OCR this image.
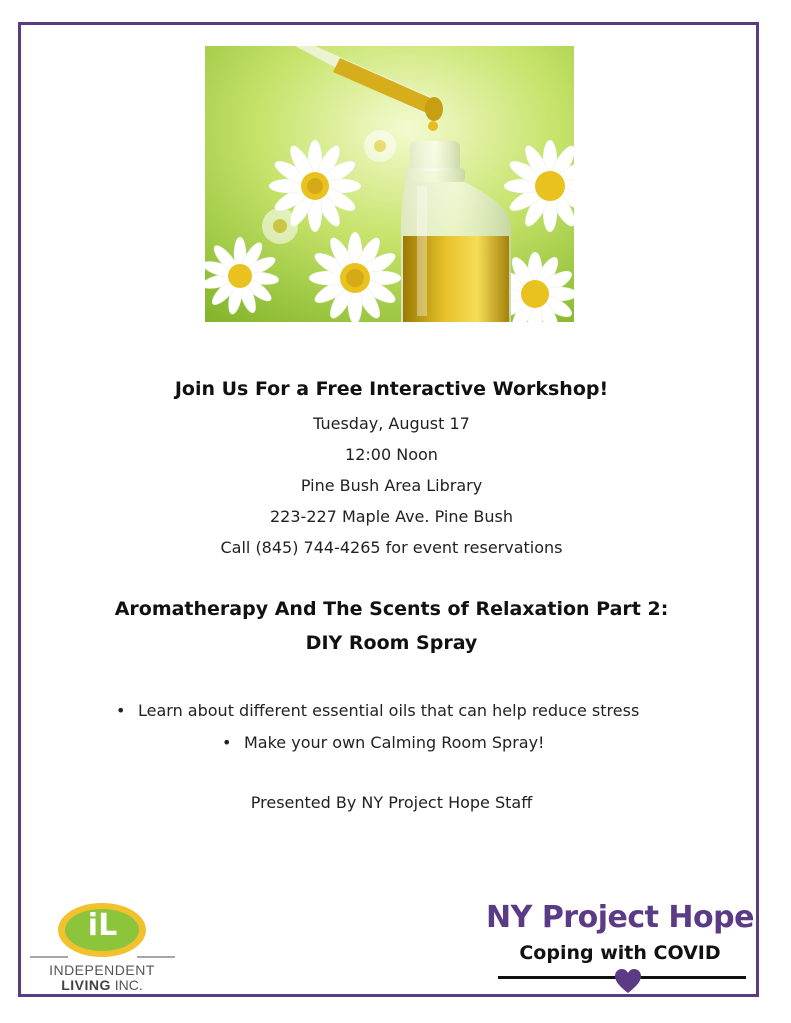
Join Us For a Free Interactive Workshop!
Tuesday, August 17
12:00 Noon
Pine Bush Area Library
223-227 Maple Ave. Pine Bush
Call (845) 744-4265 for event reservations
Aromatherapy And The Scents of Relaxation Part 2:
DIY Room Spray
• Learn about different essential oils that can help reduce stress
• Make your own Calming Room Spray!
Presented By NY Project Hope Staff
iL
INDEPENDENT
LIVING INC.
NY Project Hope
Coping with COVID
